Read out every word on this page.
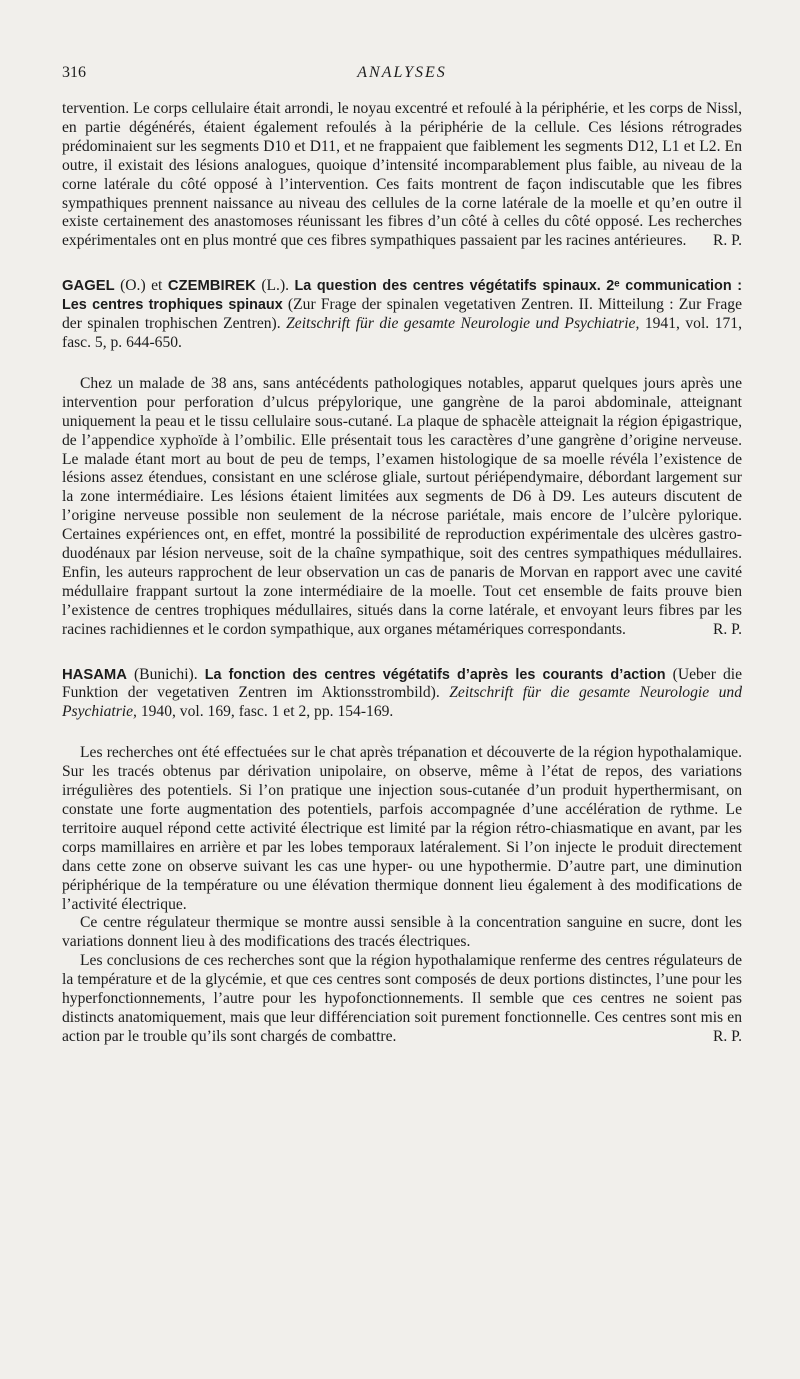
316	ANALYSES

tervention. Le corps cellulaire était arrondi, le noyau excentré et refoulé à la périphérie, et les corps de Nissl, en partie dégénérés, étaient également refoulés à la périphérie de la cellule. Ces lésions rétrogrades prédominaient sur les segments D10 et D11, et ne frappaient que faiblement les segments D12, L1 et L2. En outre, il existait des lésions analogues, quoique d’intensité incomparablement plus faible, au niveau de la corne latérale du côté opposé à l’intervention. Ces faits montrent de façon indiscutable que les fibres sympathiques prennent naissance au niveau des cellules de la corne latérale de la moelle et qu’en outre il existe certainement des anastomoses réunissant les fibres d’un côté à celles du côté opposé. Les recherches expérimentales ont en plus montré que ces fibres sympathiques passaient par les racines antérieures.	R. P.

GAGEL (O.) et CZEMBIREK (L.). La question des centres végétatifs spinaux. 2ᵉ communication : Les centres trophiques spinaux (Zur Frage der spinalen vegetativen Zentren. II. Mitteilung : Zur Frage der spinalen trophischen Zentren). Zeitschrift für die gesamte Neurologie und Psychiatrie, 1941, vol. 171, fasc. 5, p. 644-650.

Chez un malade de 38 ans, sans antécédents pathologiques notables, apparut quelques jours après une intervention pour perforation d’ulcus prépylorique, une gangrène de la paroi abdominale, atteignant uniquement la peau et le tissu cellulaire sous-cutané. La plaque de sphacèle atteignait la région épigastrique, de l’appendice xyphoïde à l’ombilic. Elle présentait tous les caractères d’une gangrène d’origine nerveuse. Le malade étant mort au bout de peu de temps, l’examen histologique de sa moelle révéla l’existence de lésions assez étendues, consistant en une sclérose gliale, surtout périépendymaire, débordant largement sur la zone intermédiaire. Les lésions étaient limitées aux segments de D6 à D9. Les auteurs discutent de l’origine nerveuse possible non seulement de la nécrose pariétale, mais encore de l’ulcère pylorique. Certaines expériences ont, en effet, montré la possibilité de reproduction expérimentale des ulcères gastro-duodénaux par lésion nerveuse, soit de la chaîne sympathique, soit des centres sympathiques médullaires. Enfin, les auteurs rapprochent de leur observation un cas de panaris de Morvan en rapport avec une cavité médullaire frappant surtout la zone intermédiaire de la moelle. Tout cet ensemble de faits prouve bien l’existence de centres trophiques médullaires, situés dans la corne latérale, et envoyant leurs fibres par les racines rachidiennes et le cordon sympathique, aux organes métamériques correspondants.	R. P.

HASAMA (Bunichi). La fonction des centres végétatifs d’après les courants d’action (Ueber die Funktion der vegetativen Zentren im Aktionsstrombild). Zeitschrift für die gesamte Neurologie und Psychiatrie, 1940, vol. 169, fasc. 1 et 2, pp. 154-169.

Les recherches ont été effectuées sur le chat après trépanation et découverte de la région hypothalamique. Sur les tracés obtenus par dérivation unipolaire, on observe, même à l’état de repos, des variations irrégulières des potentiels. Si l’on pratique une injection sous-cutanée d’un produit hyperthermisant, on constate une forte augmentation des potentiels, parfois accompagnée d’une accélération de rythme. Le territoire auquel répond cette activité électrique est limité par la région rétro-chiasmatique en avant, par les corps mamillaires en arrière et par les lobes temporaux latéralement. Si l’on injecte le produit directement dans cette zone on observe suivant les cas une hyper- ou une hypothermie. D’autre part, une diminution périphérique de la température ou une élévation thermique donnent lieu également à des modifications de l’activité électrique.

Ce centre régulateur thermique se montre aussi sensible à la concentration sanguine en sucre, dont les variations donnent lieu à des modifications des tracés électriques.

Les conclusions de ces recherches sont que la région hypothalamique renferme des centres régulateurs de la température et de la glycémie, et que ces centres sont composés de deux portions distinctes, l’une pour les hyperfonctionnements, l’autre pour les hypofonctionnements. Il semble que ces centres ne soient pas distincts anatomiquement, mais que leur différenciation soit purement fonctionnelle. Ces centres sont mis en action par le trouble qu’ils sont chargés de combattre.	R. P.
